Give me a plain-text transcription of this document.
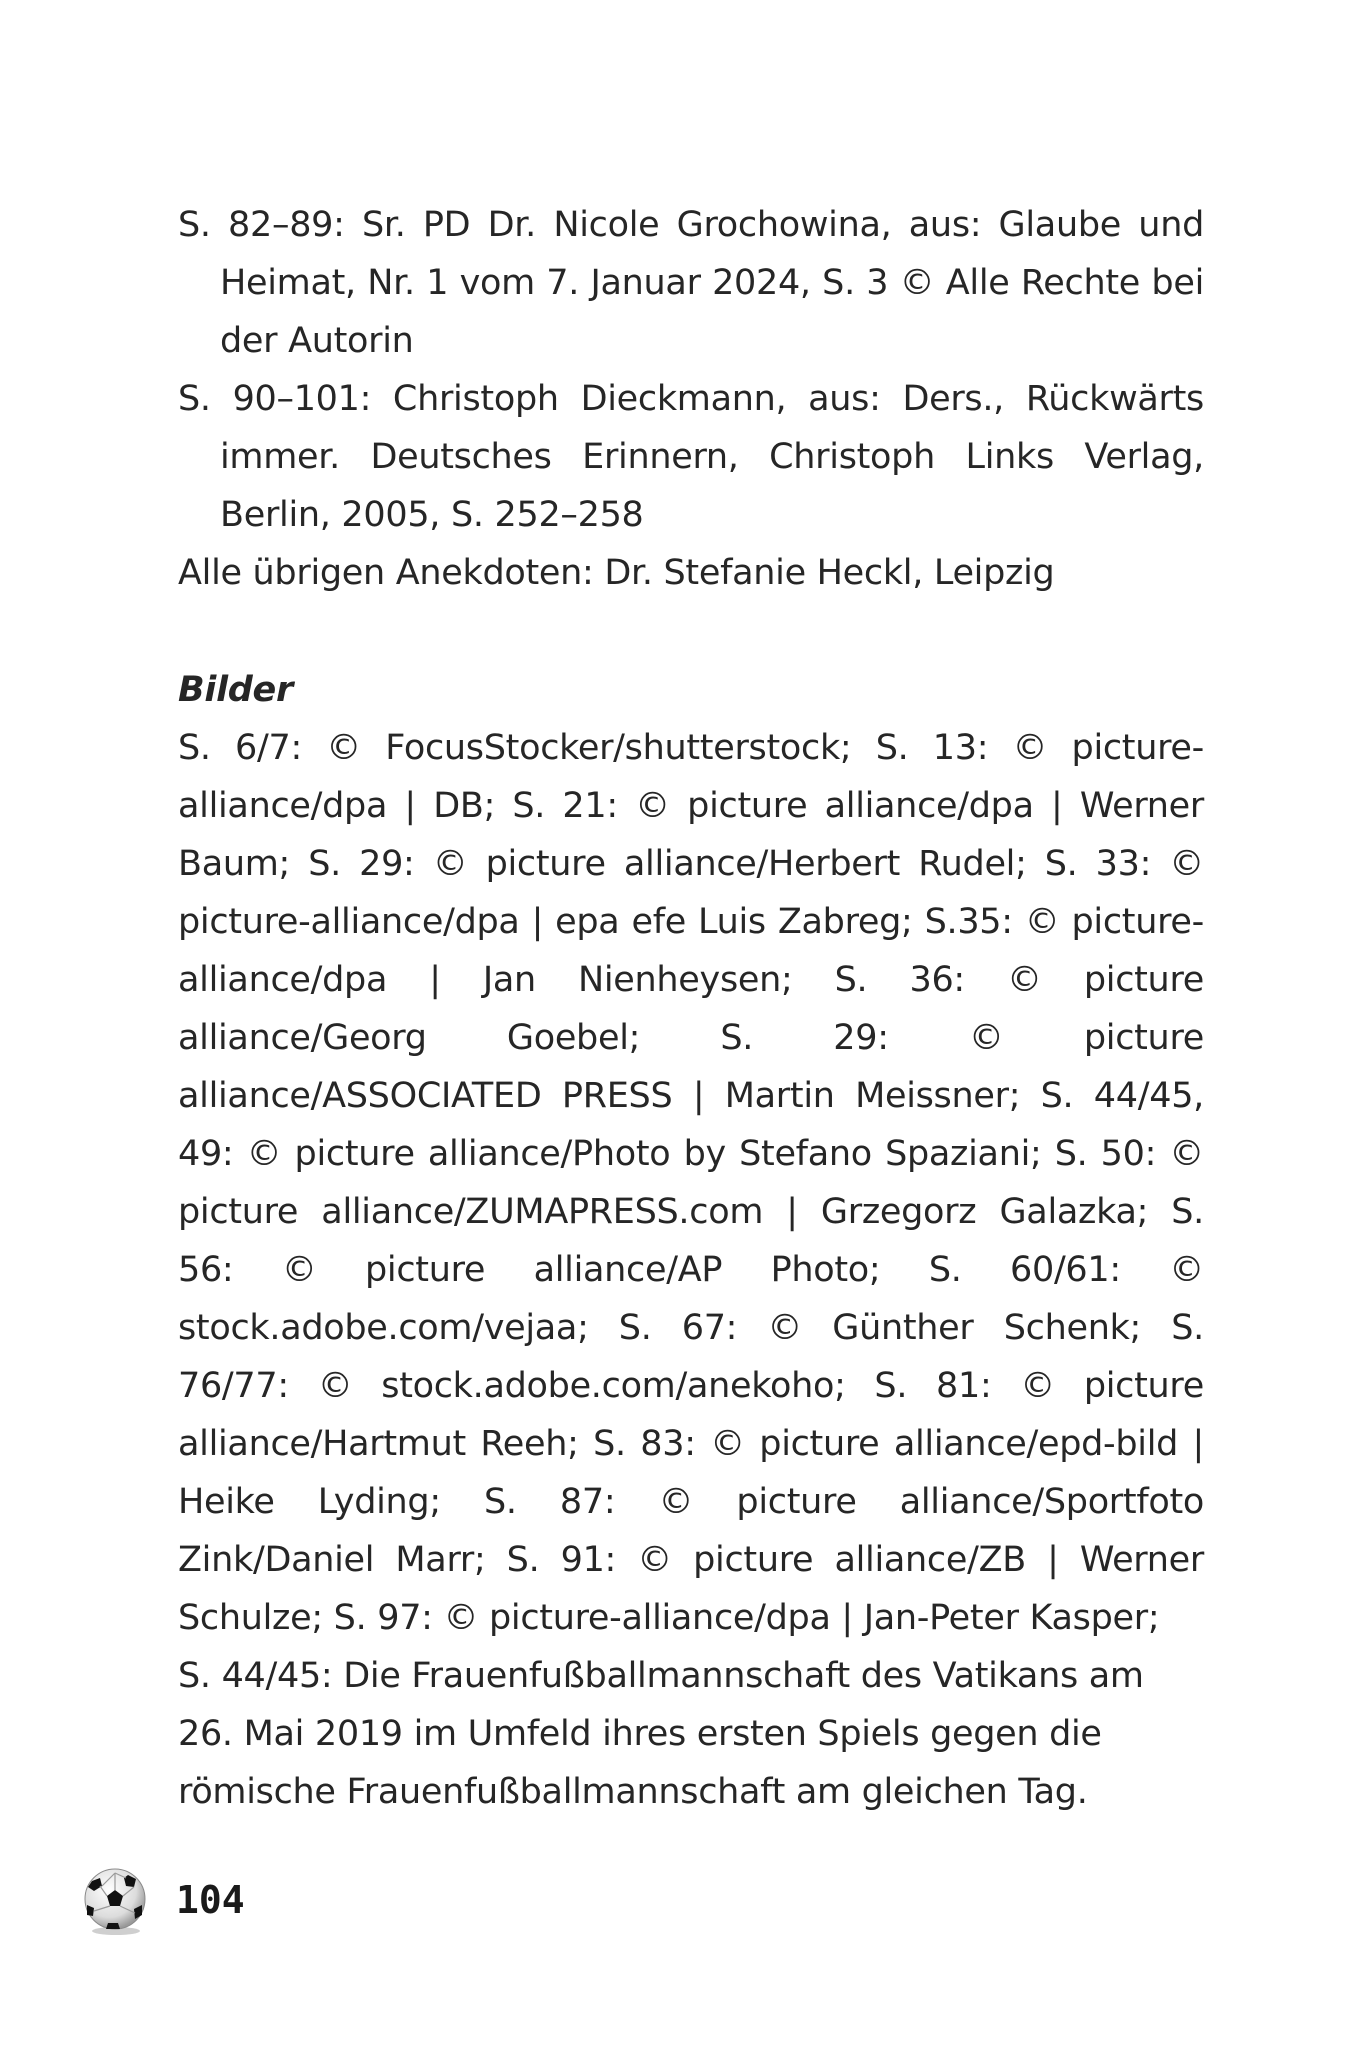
S. 82–89: Sr. PD Dr. Nicole Grochowina, aus: Glaube und Heimat, Nr. 1 vom 7. Januar 2024, S. 3 © Alle Rechte bei der Autorin

S. 90–101: Christoph Dieckmann, aus: Ders., Rückwärts immer. Deutsches Erinnern, Christoph Links Verlag, Berlin, 2005, S. 252–258

Alle übrigen Anekdoten: Dr. Stefanie Heckl, Leipzig

Bilder

S. 6/7: © FocusStocker/shutterstock; S. 13: © picture-alliance/dpa | DB; S. 21: © picture alliance/dpa | Werner Baum; S. 29: © picture alliance/Herbert Rudel; S. 33: © picture-alliance/dpa | epa efe Luis Zabreg; S.35: © picture-alliance/dpa | Jan Nienheysen; S. 36: © picture alliance/Georg Goebel; S. 29: © picture alliance/ASSOCIATED PRESS | Martin Meissner; S. 44/45, 49: © picture alliance/Photo by Stefano Spaziani; S. 50: © picture alliance/ZUMAPRESS.com | Grzegorz Galazka; S. 56: © picture alliance/AP Photo; S. 60/61: © stock.adobe.com/vejaa; S. 67: © Günther Schenk; S. 76/77: © stock.adobe.com/anekoho; S. 81: © picture alliance/Hartmut Reeh; S. 83: © picture alliance/epd-bild | Heike Lyding; S. 87: © picture alliance/Sportfoto Zink/Daniel Marr; S. 91: © picture alliance/ZB | Werner Schulze; S. 97: © picture-alliance/dpa | Jan-Peter Kasper;

S. 44/45: Die Frauenfußballmannschaft des Vatikans am 26. Mai 2019 im Umfeld ihres ersten Spiels gegen die römische Frauenfußballmannschaft am gleichen Tag.

104
